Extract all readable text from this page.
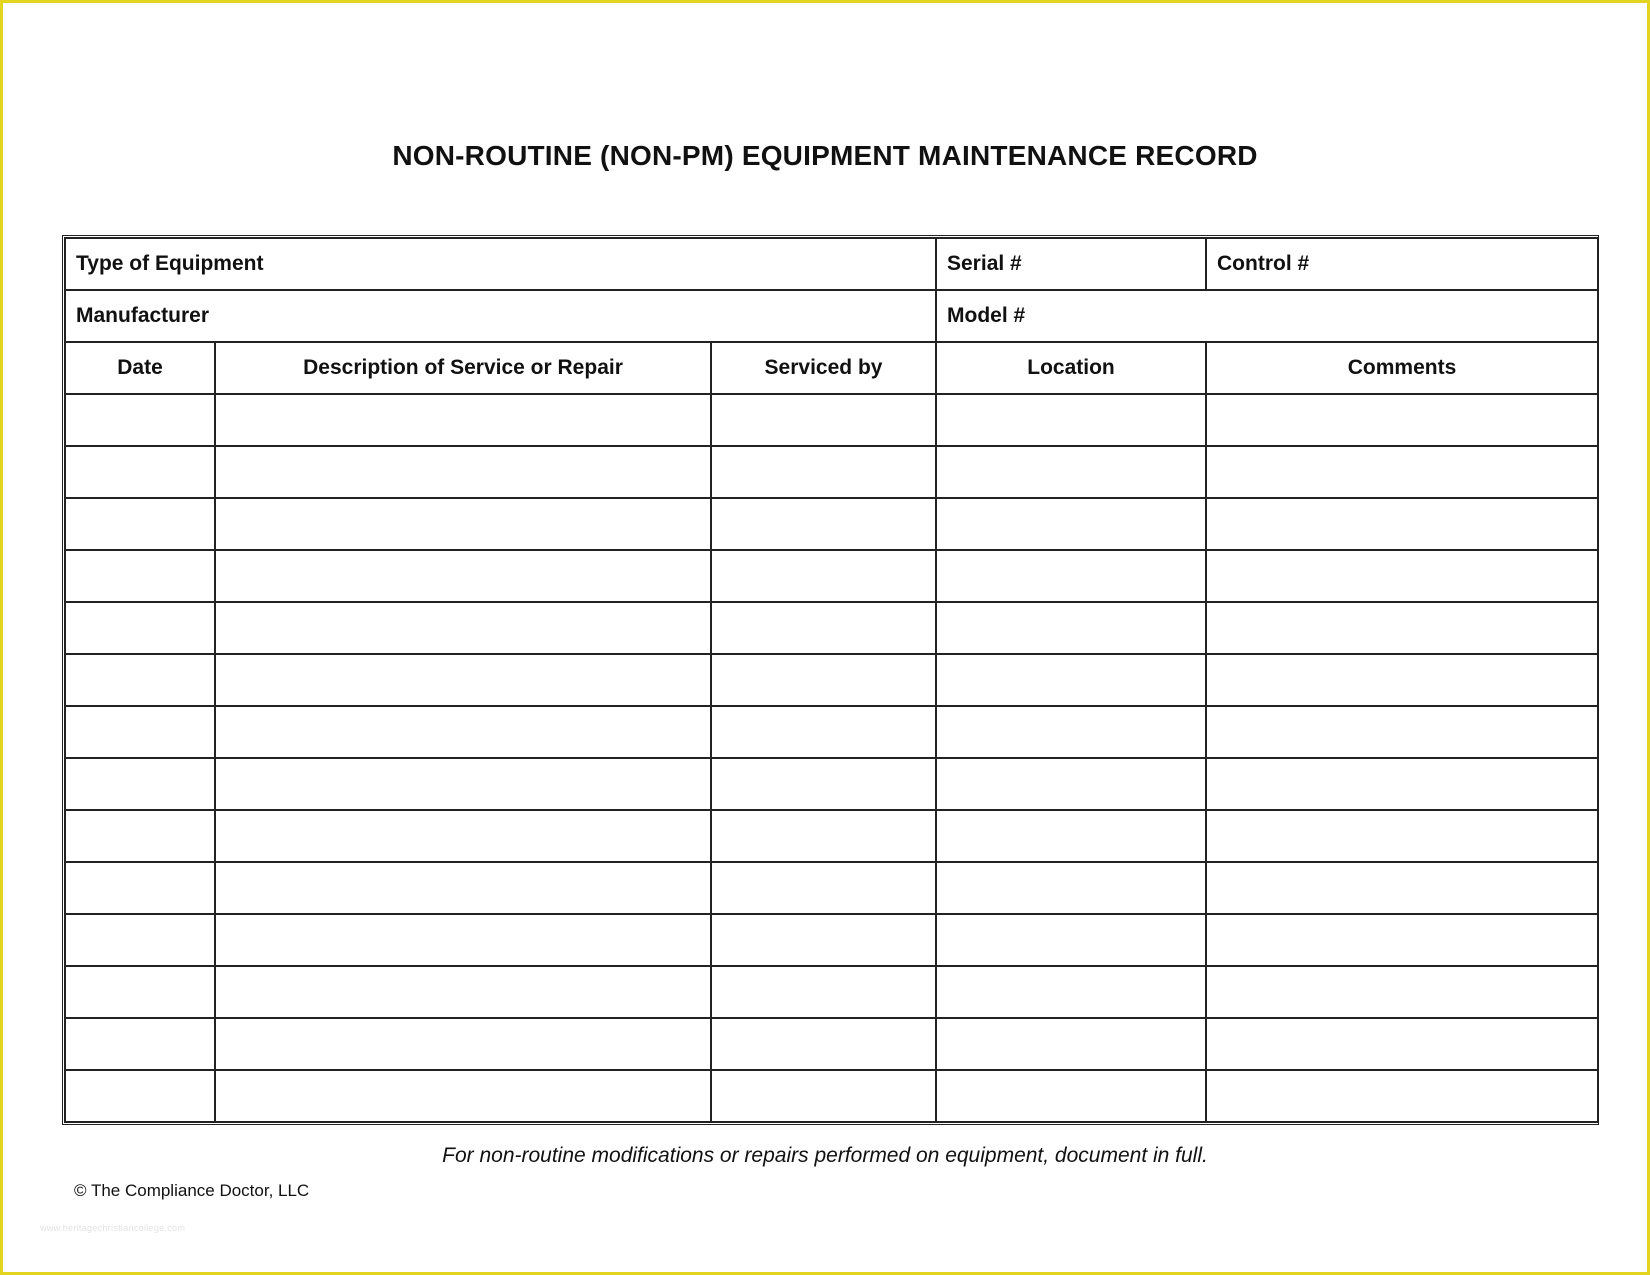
NON-ROUTINE (NON-PM) EQUIPMENT MAINTENANCE RECORD
Type of Equipment			Serial #	Control #
Manufacturer			Model #	
Date	Description of Service or Repair	Serviced by	Location	Comments

For non-routine modifications or repairs performed on equipment, document in full.
© The Compliance Doctor, LLC
www.heritagechristiancollege.com
